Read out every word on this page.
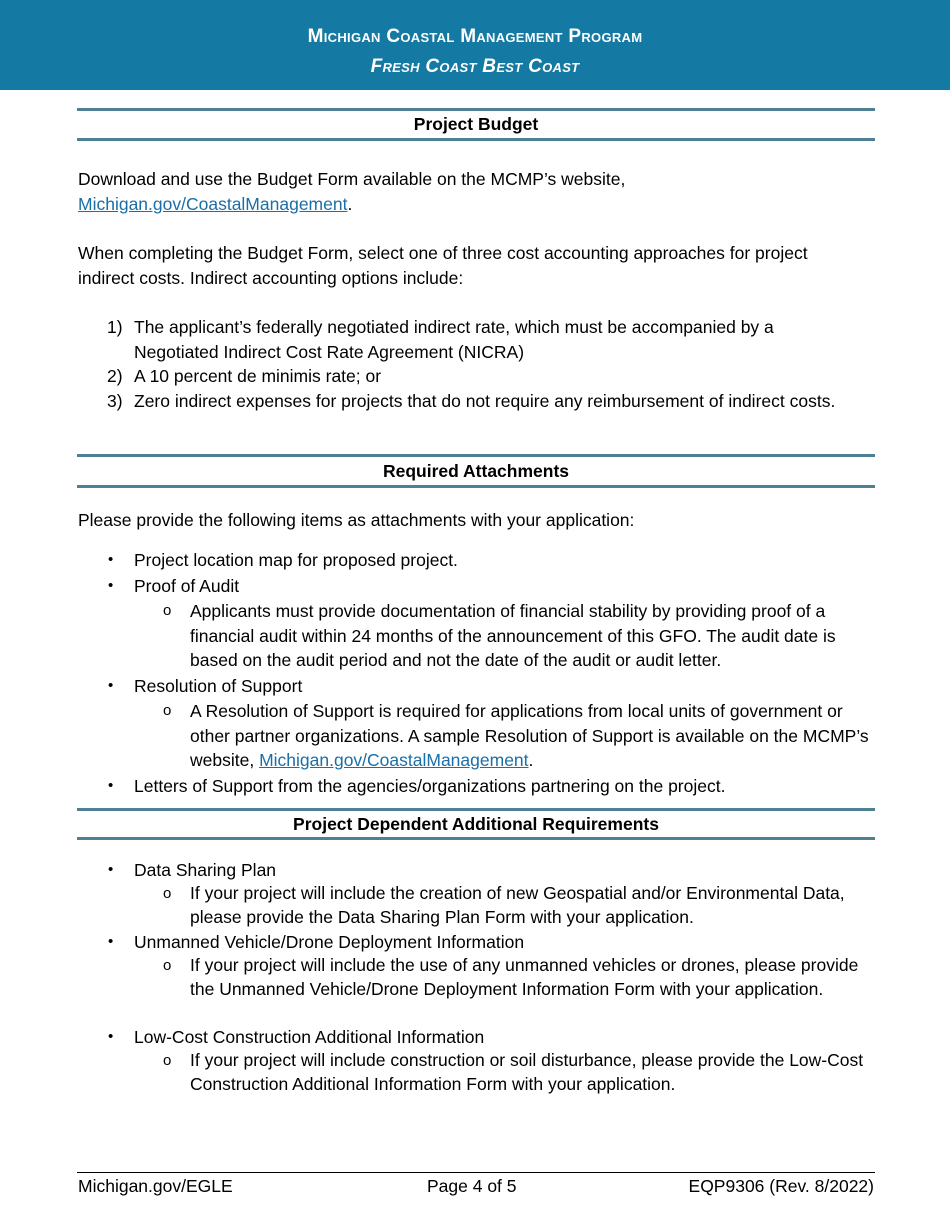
Michigan Coastal Management Program
Fresh Coast Best Coast
Project Budget
Download and use the Budget Form available on the MCMP’s website,
Michigan.gov/CoastalManagement.
When completing the Budget Form, select one of three cost accounting approaches for project
indirect costs. Indirect accounting options include:
1) The applicant’s federally negotiated indirect rate, which must be accompanied by a Negotiated Indirect Cost Rate Agreement (NICRA)
2) A 10 percent de minimis rate; or
3) Zero indirect expenses for projects that do not require any reimbursement of indirect costs.
Required Attachments
Please provide the following items as attachments with your application:
• Project location map for proposed project.
• Proof of Audit
o Applicants must provide documentation of financial stability by providing proof of a financial audit within 24 months of the announcement of this GFO. The audit date is based on the audit period and not the date of the audit or audit letter.
• Resolution of Support
o A Resolution of Support is required for applications from local units of government or other partner organizations. A sample Resolution of Support is available on the MCMP’s website, Michigan.gov/CoastalManagement.
• Letters of Support from the agencies/organizations partnering on the project.
Project Dependent Additional Requirements
• Data Sharing Plan
o If your project will include the creation of new Geospatial and/or Environmental Data, please provide the Data Sharing Plan Form with your application.
• Unmanned Vehicle/Drone Deployment Information
o If your project will include the use of any unmanned vehicles or drones, please provide the Unmanned Vehicle/Drone Deployment Information Form with your application.
• Low-Cost Construction Additional Information
o If your project will include construction or soil disturbance, please provide the Low-Cost Construction Additional Information Form with your application.
Michigan.gov/EGLE	Page 4 of 5	EQP9306 (Rev. 8/2022)
